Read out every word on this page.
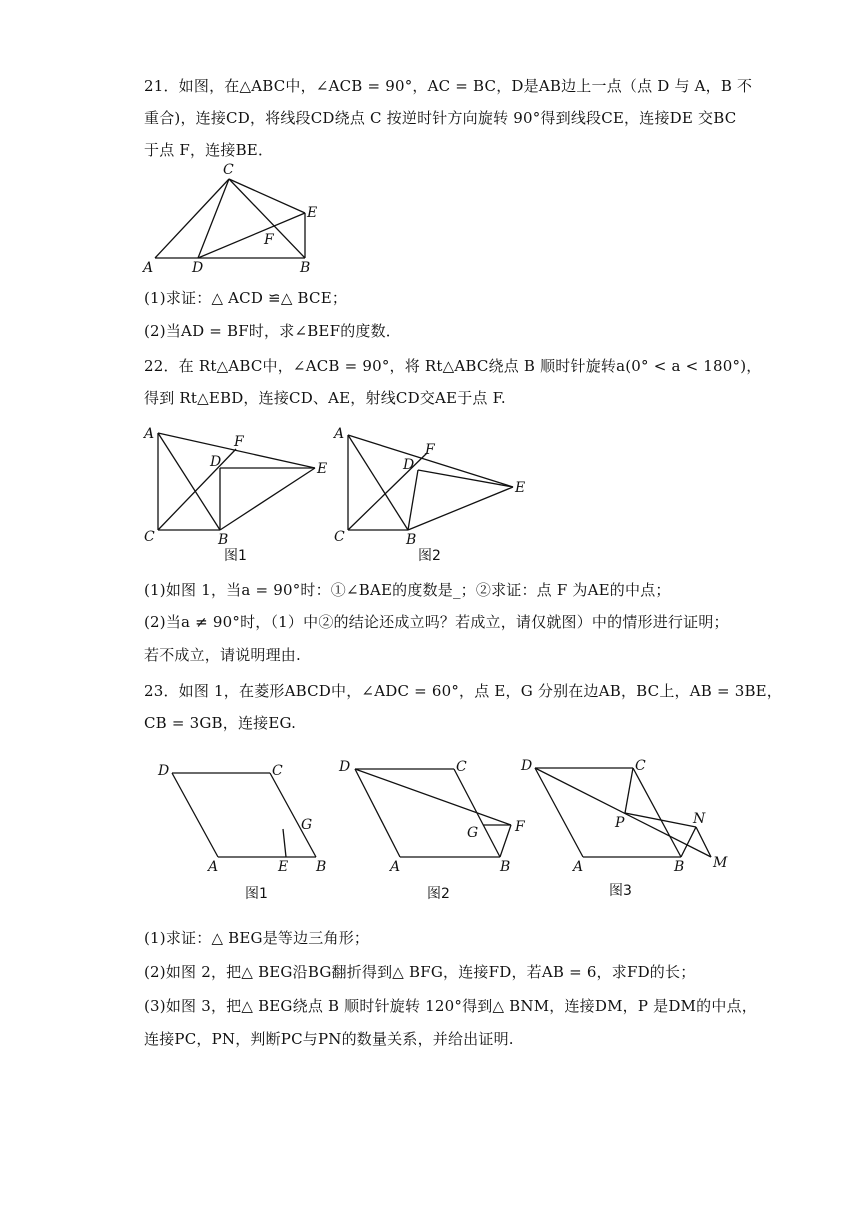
21．如图，在△ABC中，∠ACB = 90°，AC = BC，D是AB边上一点（点 D 与 A，B 不
重合)，连接CD，将线段CD绕点 C 按逆时针方向旋转 90°得到线段CE，连接DE 交BC
于点 F，连接BE．
A	D	B
C
E
F
(1)求证：△ ACD ≌△ BCE；
(2)当AD = BF时，求∠BEF的度数．
22．在 Rt△ABC中，∠ACB = 90°，将 Rt△ABC绕点 B 顺时针旋转a(0° < a < 180°)，
得到 Rt△EBD，连接CD、AE，射线CD交AE于点 F.
A
C	B
D
F
E
图1
A
C	B
D
F
E
图2
(1)如图 1，当a = 90°时：①∠BAE的度数是_；②求证：点 F 为AE的中点；
(2)当a ≠ 90°时，（1）中②的结论还成立吗？若成立，请仅就图）中的情形进行证明；
若不成立，请说明理由.
23．如图 1，在菱形ABCD中，∠ADC = 60°，点 E，G 分别在边AB，BC上，AB = 3BE，
CB = 3GB，连接EG.
D	C
A	E B
G
图1
D	C
A	B
G	F
图2
D	C
A	B
P	N
M
图3
(1)求证：△ BEG是等边三角形；
(2)如图 2，把△ BEG沿BG翻折得到△ BFG，连接FD，若AB = 6，求FD的长；
(3)如图 3，把△ BEG绕点 B 顺时针旋转 120°得到△ BNM，连接DM，P 是DM的中点，
连接PC，PN，判断PC与PN的数量关系，并给出证明.
